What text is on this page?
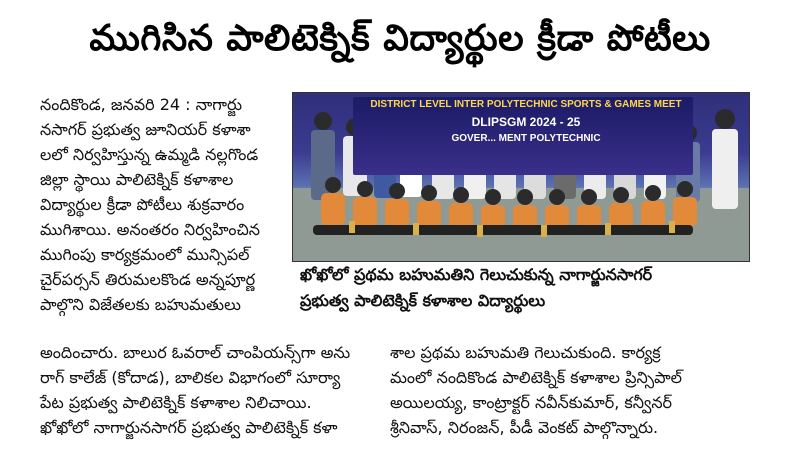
ముగిసిన పాలిటెక్నిక్ విద్యార్థుల క్రీడా పోటీలు

నందికొండ, జనవరి 24 : నాగార్జు

నసాగర్ ప్రభుత్వ జూనియర్ కళాశా

లలో నిర్వహిస్తున్న ఉమ్మడి నల్లగొండ

జిల్లా స్థాయి పాలిటెక్నిక్ కళాశాల

విద్యార్థుల క్రీడా పోటీలు శుక్రవారం

ముగిశాయి. అనంతరం నిర్వహించిన

ముగింపు కార్యక్రమంలో మున్సిపల్

చైర్‌పర్సన్ తిరుమలకొండ అన్నపూర్ణ

పాల్గొని విజేతలకు బహుమతులు

DISTRICT LEVEL INTER POLYTECHNIC SPORTS & GAMES MEET
DLIPSGM 2024 - 25
GOVER... MENT POLYTECHNIC

ఖోఖోలో ప్రథమ బహుమతిని గెలుచుకున్న నాగార్జునసాగర్

ప్రభుత్వ పాలిటెక్నిక్ కళాశాల విద్యార్థులు

అందించారు. బాలుర ఓవరాల్ చాంపియన్స్‌గా అను

రాగ్ కాలేజ్ (కోదాడ), బాలికల విభాగంలో సూర్యా

పేట ప్రభుత్వ పాలిటెక్నిక్ కళాశాల నిలిచాయి.

ఖోఖోలో నాగార్జునసాగర్ ప్రభుత్వ పాలిటెక్నిక్ కళా

శాల ప్రథమ బహుమతి గెలుచుకుంది. కార్యక్ర

మంలో నందికొండ పాలిటెక్నిక్ కళాశాల ప్రిన్సిపాల్

అయిలయ్య, కాంట్రాక్టర్ నవీన్‌కుమార్, కన్వీనర్

శ్రీనివాస్, నిరంజన్, పీడీ వెంకట్ పాల్గొన్నారు.
